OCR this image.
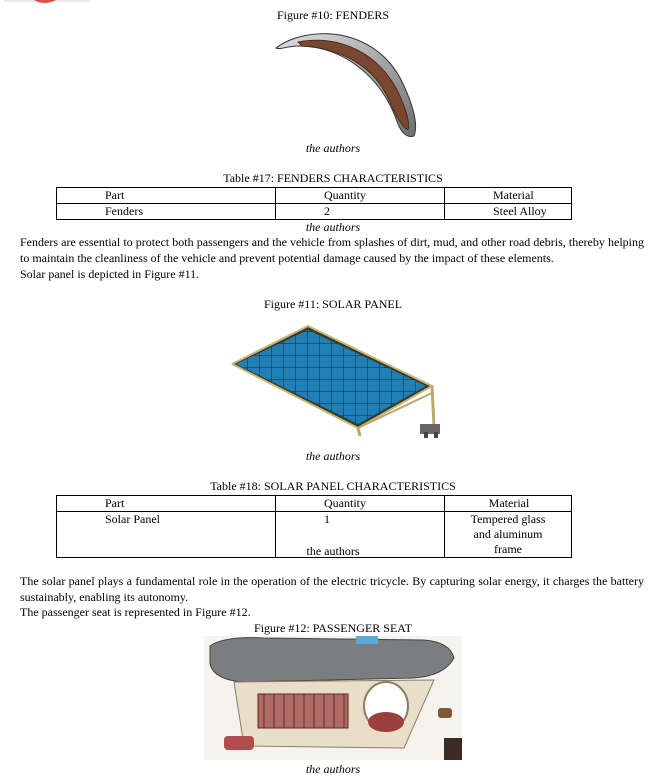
Figure #10: FENDERS
the authors
Table #17: FENDERS CHARACTERISTICS
Part	Quantity	Material
Fenders	2	Steel Alloy
the authors
Fenders are essential to protect both passengers and the vehicle from splashes of dirt, mud, and other road debris, thereby helping to maintain the cleanliness of the vehicle and prevent potential damage caused by the impact of these elements.
Solar panel is depicted in Figure #11.
Figure #11: SOLAR PANEL
the authors
Table #18: SOLAR PANEL CHARACTERISTICS
Part	Quantity	Material
Solar Panel	1	Tempered glass and aluminum frame
the authors
The solar panel plays a fundamental role in the operation of the electric tricycle. By capturing solar energy, it charges the battery sustainably, enabling its autonomy.
The passenger seat is represented in Figure #12.
Figure #12: PASSENGER SEAT
the authors
